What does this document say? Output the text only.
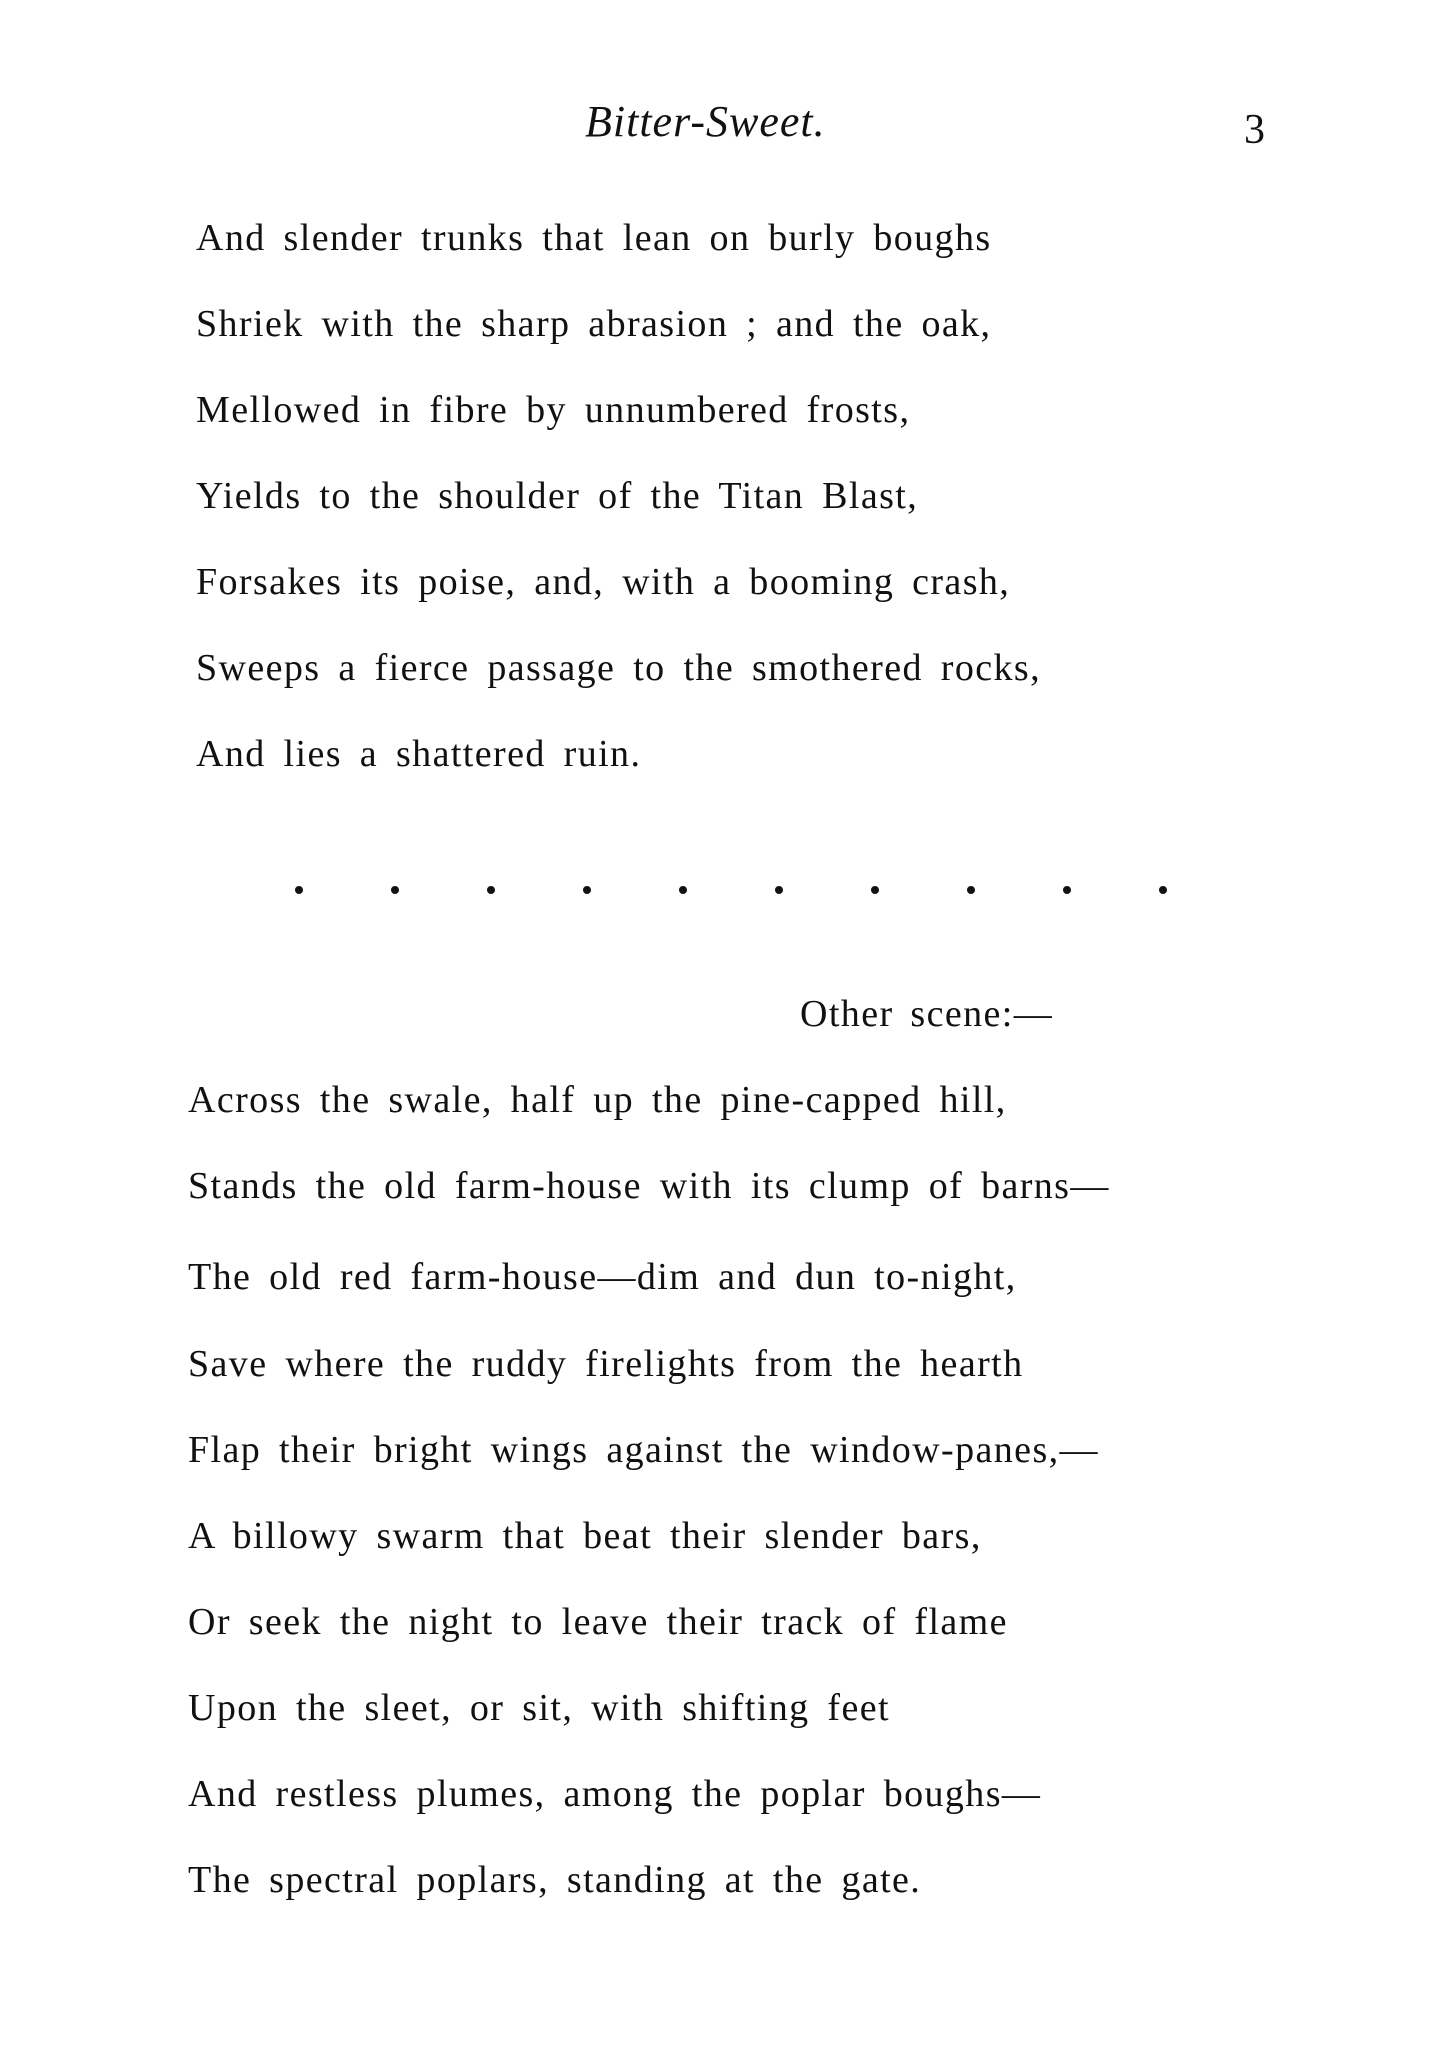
Bitter-Sweet.	3
And slender trunks that lean on burly boughs
Shriek with the sharp abrasion ; and the oak,
Mellowed in fibre by unnumbered frosts,
Yields to the shoulder of the Titan Blast,
Forsakes its poise, and, with a booming crash,
Sweeps a fierce passage to the smothered rocks,
And lies a shattered ruin.
Other scene:—
Across the swale, half up the pine-capped hill,
Stands the old farm-house with its clump of barns—
The old red farm-house—dim and dun to-night,
Save where the ruddy firelights from the hearth
Flap their bright wings against the window-panes,—
A billowy swarm that beat their slender bars,
Or seek the night to leave their track of flame
Upon the sleet, or sit, with shifting feet
And restless plumes, among the poplar boughs—
The spectral poplars, standing at the gate.
